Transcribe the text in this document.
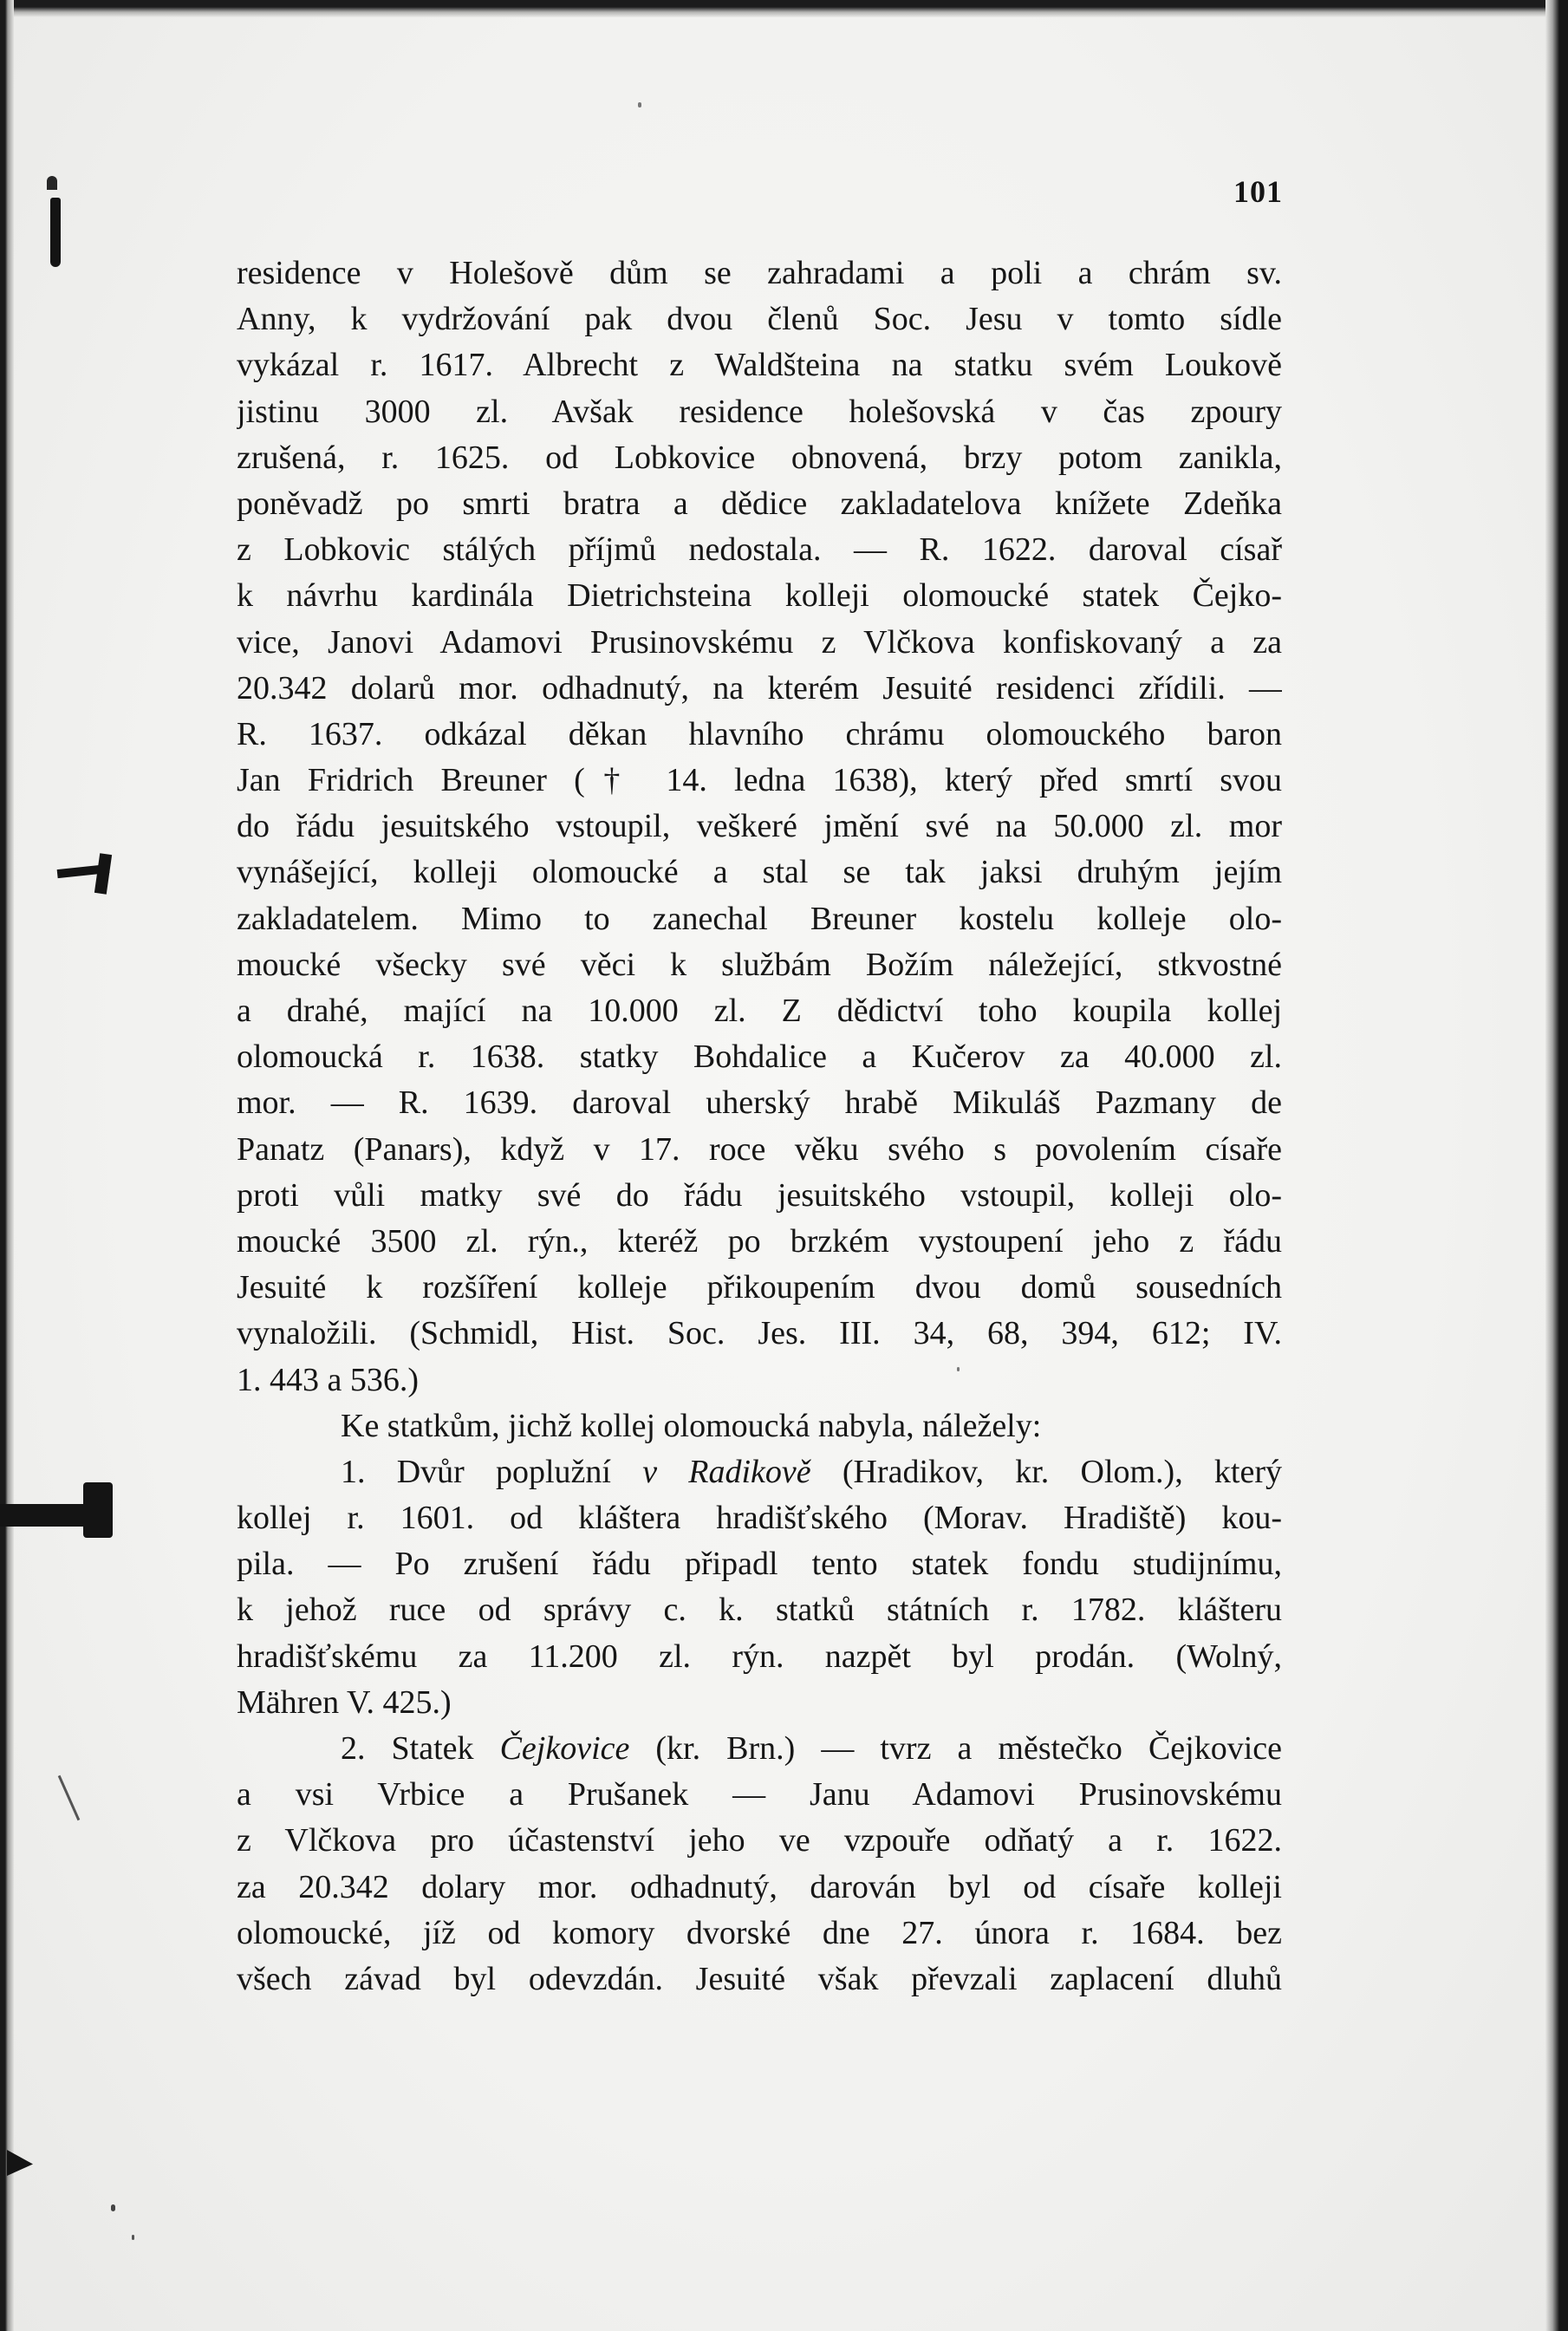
101
residence v Holešově dům se zahradami a poli a chrám sv.
Anny, k vydržování pak dvou členů Soc. Jesu v tomto sídle
vykázal r. 1617. Albrecht z Waldšteina na statku svém Loukově
jistinu 3000 zl. Avšak residence holešovská v čas zpoury
zrušená, r. 1625. od Lobkovice obnovená, brzy potom zanikla,
poněvadž po smrti bratra a dědice zakladatelova knížete Zdeňka
z Lobkovic stálých příjmů nedostala. — R. 1622. daroval císař
k návrhu kardinála Dietrichsteina kolleji olomoucké statek Čejko-
vice, Janovi Adamovi Prusinovskému z Vlčkova konfiskovaný a za
20.342 dolarů mor. odhadnutý, na kterém Jesuité residenci zřídili. —
R. 1637. odkázal děkan hlavního chrámu olomouckého baron
Jan Fridrich Breuner († 14. ledna 1638), který před smrtí svou
do řádu jesuitského vstoupil, veškeré jmění své na 50.000 zl. mor
vynášející, kolleji olomoucké a stal se tak jaksi druhým jejím
zakladatelem. Mimo to zanechal Breuner kostelu kolleje olo-
moucké všecky své věci k službám Božím náležející, stkvostné
a drahé, mající na 10.000 zl. Z dědictví toho koupila kollej
olomoucká r. 1638. statky Bohdalice a Kučerov za 40.000 zl.
mor. — R. 1639. daroval uherský hrabě Mikuláš Pazmany de
Panatz (Panars), když v 17. roce věku svého s povolením císaře
proti vůli matky své do řádu jesuitského vstoupil, kolleji olo-
moucké 3500 zl. rýn., kteréž po brzkém vystoupení jeho z řádu
Jesuité k rozšíření kolleje přikoupením dvou domů sousedních
vynaložili. (Schmidl, Hist. Soc. Jes. III. 34, 68, 394, 612; IV.
1. 443 a 536.)
Ke statkům, jichž kollej olomoucká nabyla, náležely:
1. Dvůr poplužní v Radikově (Hradikov, kr. Olom.), který
kollej r. 1601. od kláštera hradišťského (Morav. Hradiště) kou-
pila. — Po zrušení řádu připadl tento statek fondu studijnímu,
k jehož ruce od správy c. k. statků státních r. 1782. klášteru
hradišťskému za 11.200 zl. rýn. nazpět byl prodán. (Wolný,
Mähren V. 425.)
2. Statek Čejkovice (kr. Brn.) — tvrz a městečko Čejkovice
a vsi Vrbice a Prušanek — Janu Adamovi Prusinovskému
z Vlčkova pro účastenství jeho ve vzpouře odňatý a r. 1622.
za 20.342 dolary mor. odhadnutý, darován byl od císaře kolleji
olomoucké, jíž od komory dvorské dne 27. února r. 1684. bez
všech závad byl odevzdán. Jesuité však převzali zaplacení dluhů
